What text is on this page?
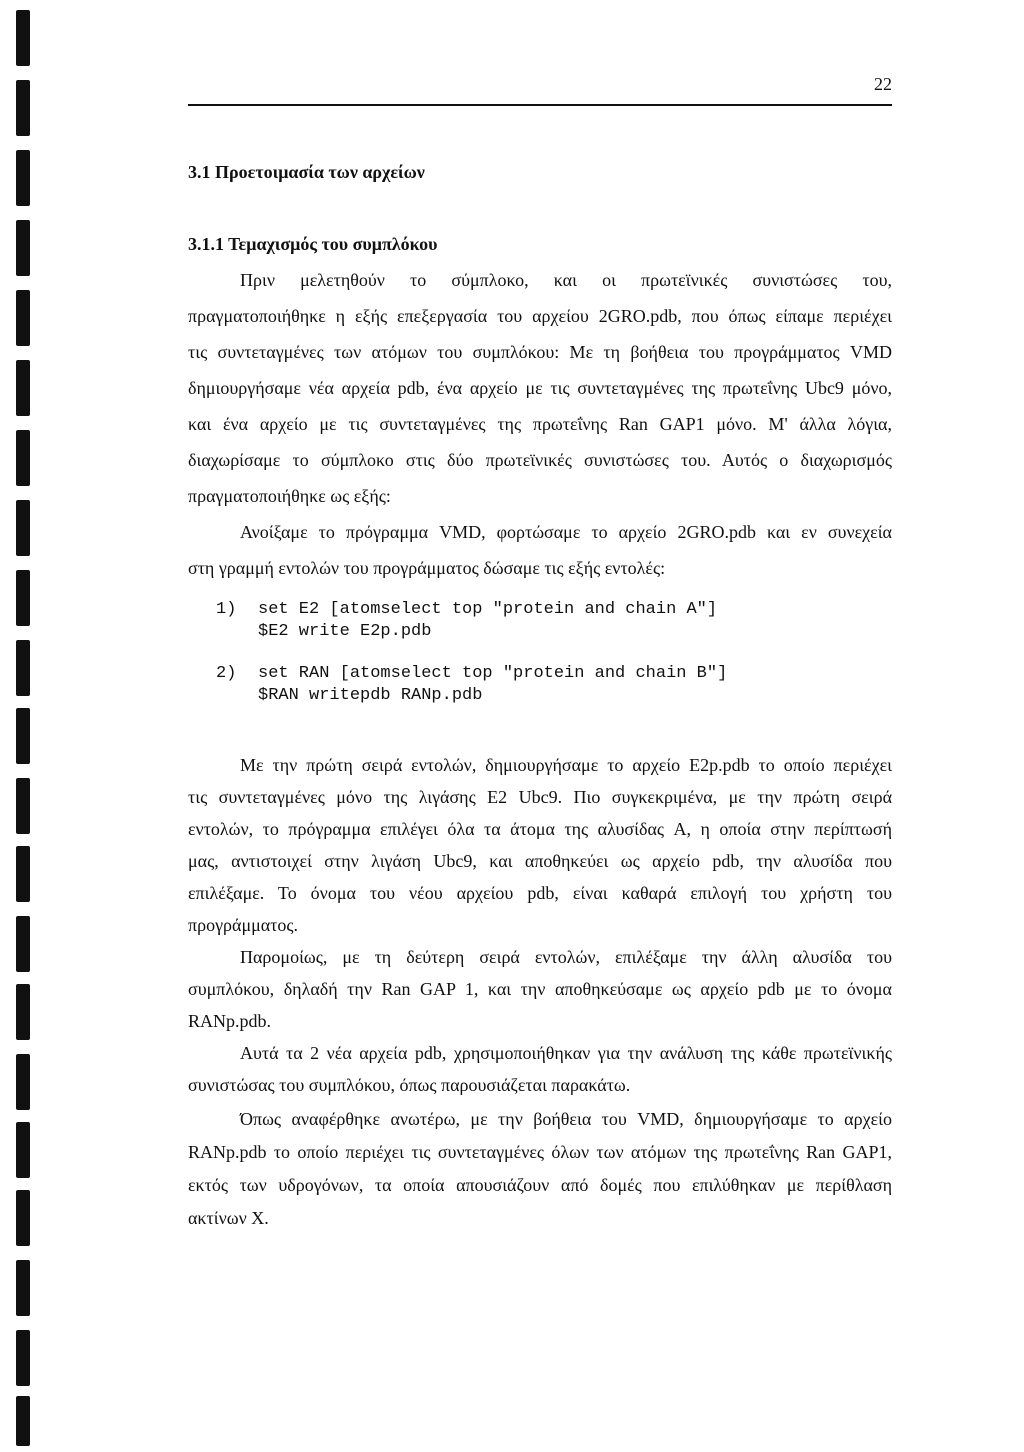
22
3.1 Προετοιμασία των αρχείων
3.1.1 Τεμαχισμός του συμπλόκου
Πριν μελετηθούν το σύμπλοκο, και οι πρωτεϊνικές συνιστώσες του,
πραγματοποιήθηκε η εξής επεξεργασία του αρχείου 2GRO.pdb, που όπως είπαμε περιέχει
τις συντεταγμένες των ατόμων του συμπλόκου: Με τη βοήθεια του προγράμματος VMD
δημιουργήσαμε νέα αρχεία pdb, ένα αρχείο με τις συντεταγμένες της πρωτεΐνης Ubc9 μόνο,
και ένα αρχείο με τις συντεταγμένες της πρωτεΐνης Ran GAP1 μόνο. Μ' άλλα λόγια,
διαχωρίσαμε το σύμπλοκο στις δύο πρωτεϊνικές συνιστώσες του. Αυτός ο διαχωρισμός
πραγματοποιήθηκε ως εξής:
Ανοίξαμε το πρόγραμμα VMD, φορτώσαμε το αρχείο 2GRO.pdb και εν συνεχεία
στη γραμμή εντολών του προγράμματος δώσαμε τις εξής εντολές:
1) set E2 [atomselect top "protein and chain A"]
$E2 write E2p.pdb
2) set RAN [atomselect top "protein and chain B"]
$RAN writepdb RANp.pdb
Με την πρώτη σειρά εντολών, δημιουργήσαμε το αρχείο E2p.pdb το οποίο περιέχει
τις συντεταγμένες μόνο της λιγάσης E2 Ubc9. Πιο συγκεκριμένα, με την πρώτη σειρά
εντολών, το πρόγραμμα επιλέγει όλα τα άτομα της αλυσίδας A, η οποία στην περίπτωσή
μας, αντιστοιχεί στην λιγάση Ubc9, και αποθηκεύει ως αρχείο pdb, την αλυσίδα που
επιλέξαμε. Το όνομα του νέου αρχείου pdb, είναι καθαρά επιλογή του χρήστη του
προγράμματος.
Παρομοίως, με τη δεύτερη σειρά εντολών, επιλέξαμε την άλλη αλυσίδα του
συμπλόκου, δηλαδή την Ran GAP 1, και την αποθηκεύσαμε ως αρχείο pdb με το όνομα
RANp.pdb.
Αυτά τα 2 νέα αρχεία pdb, χρησιμοποιήθηκαν για την ανάλυση της κάθε πρωτεϊνικής
συνιστώσας του συμπλόκου, όπως παρουσιάζεται παρακάτω.
Όπως αναφέρθηκε ανωτέρω, με την βοήθεια του VMD, δημιουργήσαμε το αρχείο
RANp.pdb το οποίο περιέχει τις συντεταγμένες όλων των ατόμων της πρωτεΐνης Ran GAP1,
εκτός των υδρογόνων, τα οποία απουσιάζουν από δομές που επιλύθηκαν με περίθλαση
ακτίνων X.
